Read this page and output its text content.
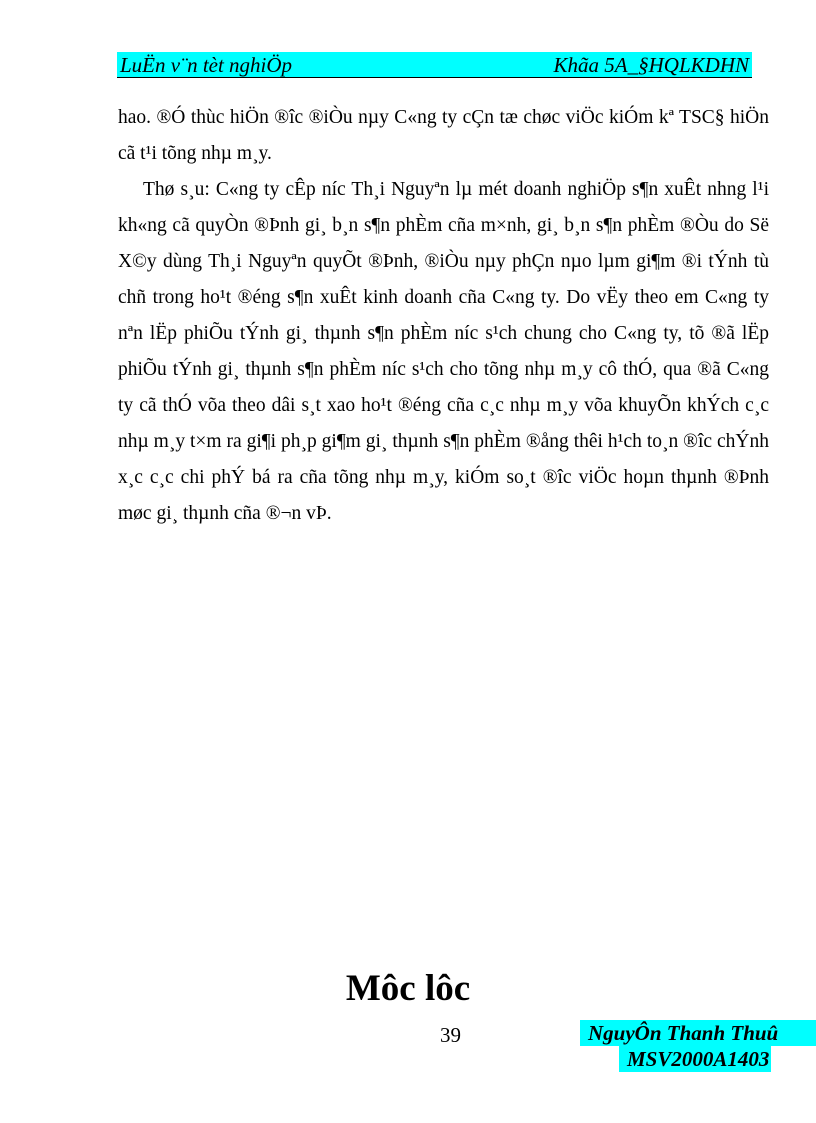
LuËn v¨n tèt nghiÖp	Khãa 5A_§HQLKDHN

hao. ®Ó thùc hiÖn ®îc ®iÒu nµy C«ng ty cÇn tæ chøc viÖc kiÓm kª TSC§ hiÖn cã t¹i tõng nhµ m¸y.

Thø s¸u: C«ng ty cÊp níc Th¸i Nguyªn lµ mét doanh nghiÖp s¶n xuÊt nhng l¹i kh«ng cã quyÒn ®Þnh gi¸ b¸n s¶n phÈm cña m×nh, gi¸ b¸n s¶n phÈm ®Òu do Së X©y dùng Th¸i Nguyªn quyÕt ®Þnh, ®iÒu nµy phÇn nµo lµm gi¶m ®i tÝnh tù chñ trong ho¹t ®éng s¶n xuÊt kinh doanh cña C«ng ty. Do vËy theo em C«ng ty nªn lËp phiÕu tÝnh gi¸ thµnh s¶n phÈm níc s¹ch chung cho C«ng ty, tõ ®ã lËp phiÕu tÝnh gi¸ thµnh s¶n phÈm níc s¹ch cho tõng nhµ m¸y cô thÓ, qua ®ã C«ng ty cã thÓ võa theo dâi s¸t xao ho¹t ®éng cña c¸c nhµ m¸y võa khuyÕn khÝch c¸c nhµ m¸y t×m ra gi¶i ph¸p gi¶m gi¸ thµnh s¶n phÈm ®ång thêi h¹ch to¸n ®îc chÝnh x¸c c¸c chi phÝ bá ra cña tõng nhµ m¸y, kiÓm so¸t ®îc viÖc hoµn thµnh ®Þnh møc gi¸ thµnh cña ®¬n vÞ.

Môc lôc
39	NguyÔn Thanh Thuû
MSV2000A1403
